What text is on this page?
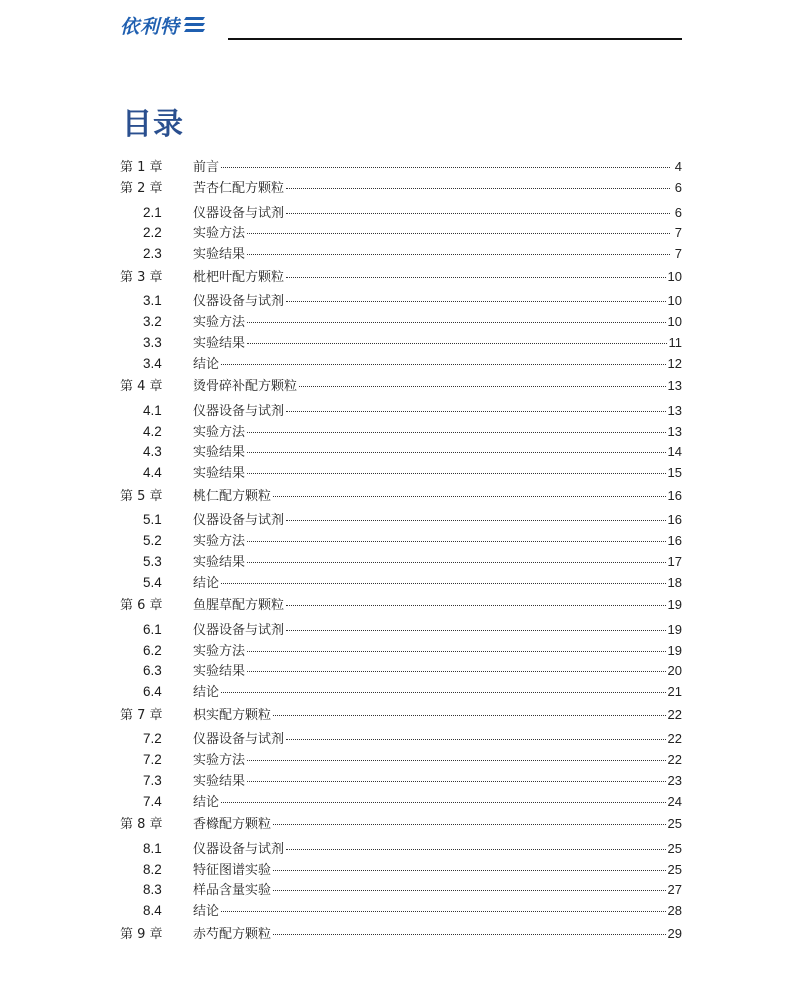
依利特
目录
第 1 章	前言	4
第 2 章	苦杏仁配方颗粒	6
2.1	仪器设备与试剂	6
2.2	实验方法	7
2.3	实验结果	7
第 3 章	枇杷叶配方颗粒	10
3.1	仪器设备与试剂	10
3.2	实验方法	10
3.3	实验结果	11
3.4	结论	12
第 4 章	烫骨碎补配方颗粒	13
4.1	仪器设备与试剂	13
4.2	实验方法	13
4.3	实验结果	14
4.4	实验结果	15
第 5 章	桃仁配方颗粒	16
5.1	仪器设备与试剂	16
5.2	实验方法	16
5.3	实验结果	17
5.4	结论	18
第 6 章	鱼腥草配方颗粒	19
6.1	仪器设备与试剂	19
6.2	实验方法	19
6.3	实验结果	20
6.4	结论	21
第 7 章	枳实配方颗粒	22
7.2	仪器设备与试剂	22
7.2	实验方法	22
7.3	实验结果	23
7.4	结论	24
第 8 章	香橼配方颗粒	25
8.1	仪器设备与试剂	25
8.2	特征图谱实验	25
8.3	样品含量实验	27
8.4	结论	28
第 9 章	赤芍配方颗粒	29
